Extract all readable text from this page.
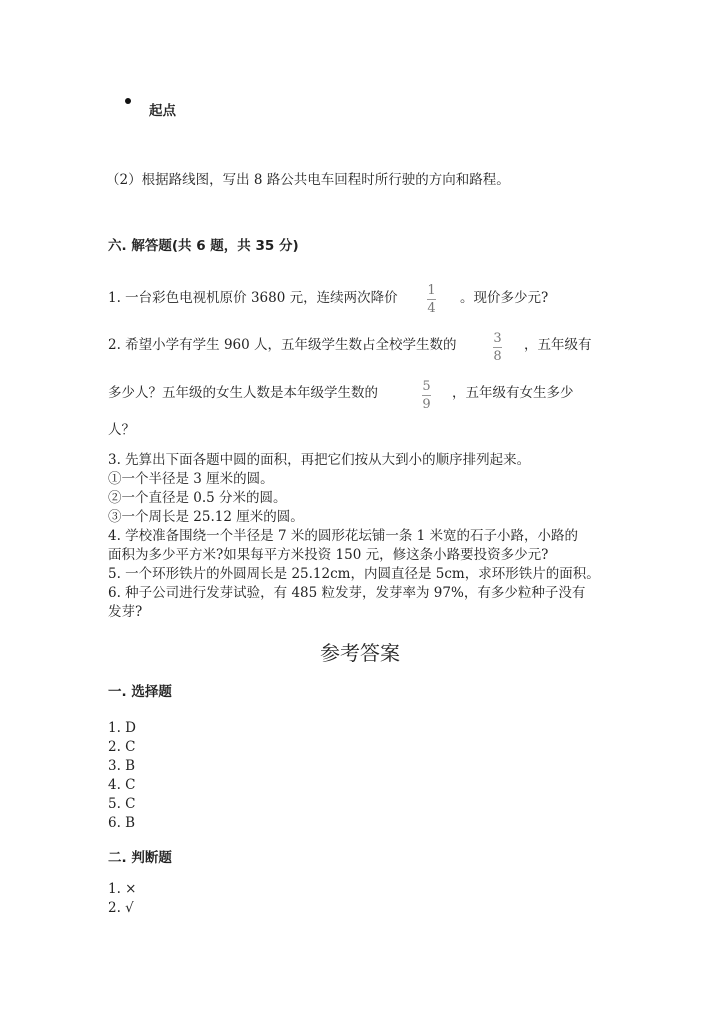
起点
（2）根据路线图，写出 8 路公共电车回程时所行驶的方向和路程。
六. 解答题(共 6 题，共 35 分)
1. 一台彩色电视机原价 3680 元，连续两次降价 1
4
。现价多少元?
2. 希望小学有学生 960 人，五年级学生数占全校学生数的	3
8
，五年级有
多少人？五年级的女生人数是本年级学生数的	5
9
，五年级有女生多少
人？
3. 先算出下面各题中圆的面积，再把它们按从大到小的顺序排列起来。
①一个半径是 3 厘米的圆。
②一个直径是 0.5 分米的圆。
③一个周长是 25.12 厘米的圆。
4. 学校准备围绕一个半径是 7 米的圆形花坛铺一条 1 米宽的石子小路，小路的
面积为多少平方米?如果每平方米投资 150 元，修这条小路要投资多少元?
5. 一个环形铁片的外圆周长是 25.12cm，内圆直径是 5cm，求环形铁片的面积。
6. 种子公司进行发芽试验，有 485 粒发芽，发芽率为 97%，有多少粒种子没有
发芽?
参考答案
一. 选择题
1. D
2. C
3. B
4. C
5. C
6. B
二. 判断题
1. ×
2. √
